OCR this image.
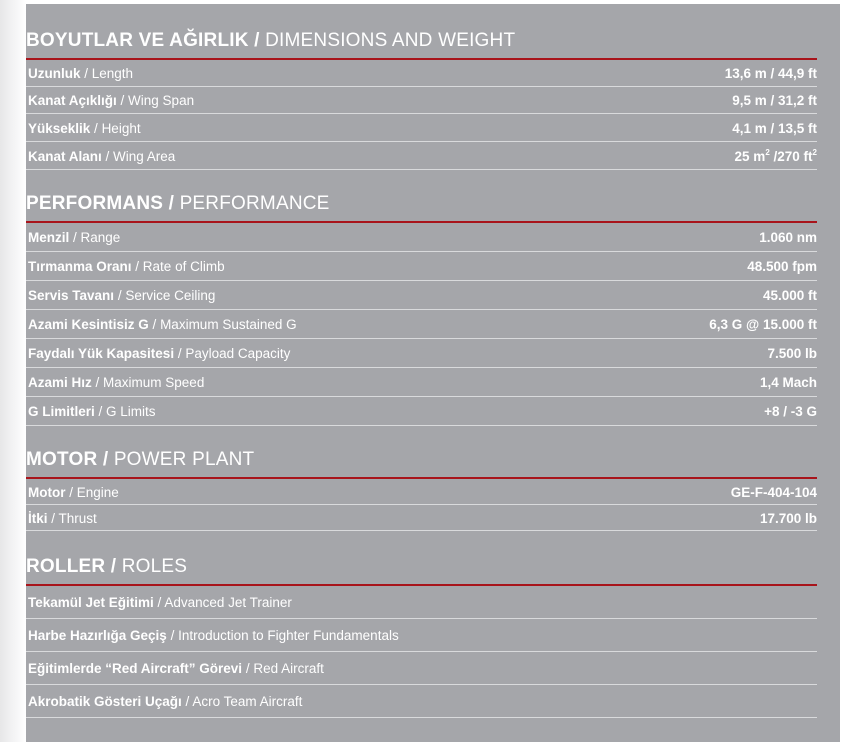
BOYUTLAR VE AĞIRLIK / DIMENSIONS AND WEIGHT
Uzunluk / Length	13,6 m / 44,9 ft
Kanat Açıklığı / Wing Span	9,5 m / 31,2 ft
Yükseklik / Height	4,1 m / 13,5 ft
Kanat Alanı / Wing Area	25 $m^2$ /270 $ft^2$
PERFORMANS / PERFORMANCE
Menzil / Range	1.060 nm
Tırmanma Oranı / Rate of Climb	48.500 fpm
Servis Tavanı / Service Ceiling	45.000 ft
Azami Kesintisiz G / Maximum Sustained G	6,3 G @ 15.000 ft
Faydalı Yük Kapasitesi / Payload Capacity	7.500 lb
Azami Hız / Maximum Speed	1,4 Mach
G Limitleri / G Limits	+8 / -3 G
MOTOR / POWER PLANT
Motor / Engine	GE-F-404-104
İtki / Thrust	17.700 lb
ROLLER / ROLES
Tekamül Jet Eğitimi / Advanced Jet Trainer
Harbe Hazırlığa Geçiş / Introduction to Fighter Fundamentals
Eğitimlerde “Red Aircraft” Görevi / Red Aircraft
Akrobatik Gösteri Uçağı / Acro Team Aircraft
